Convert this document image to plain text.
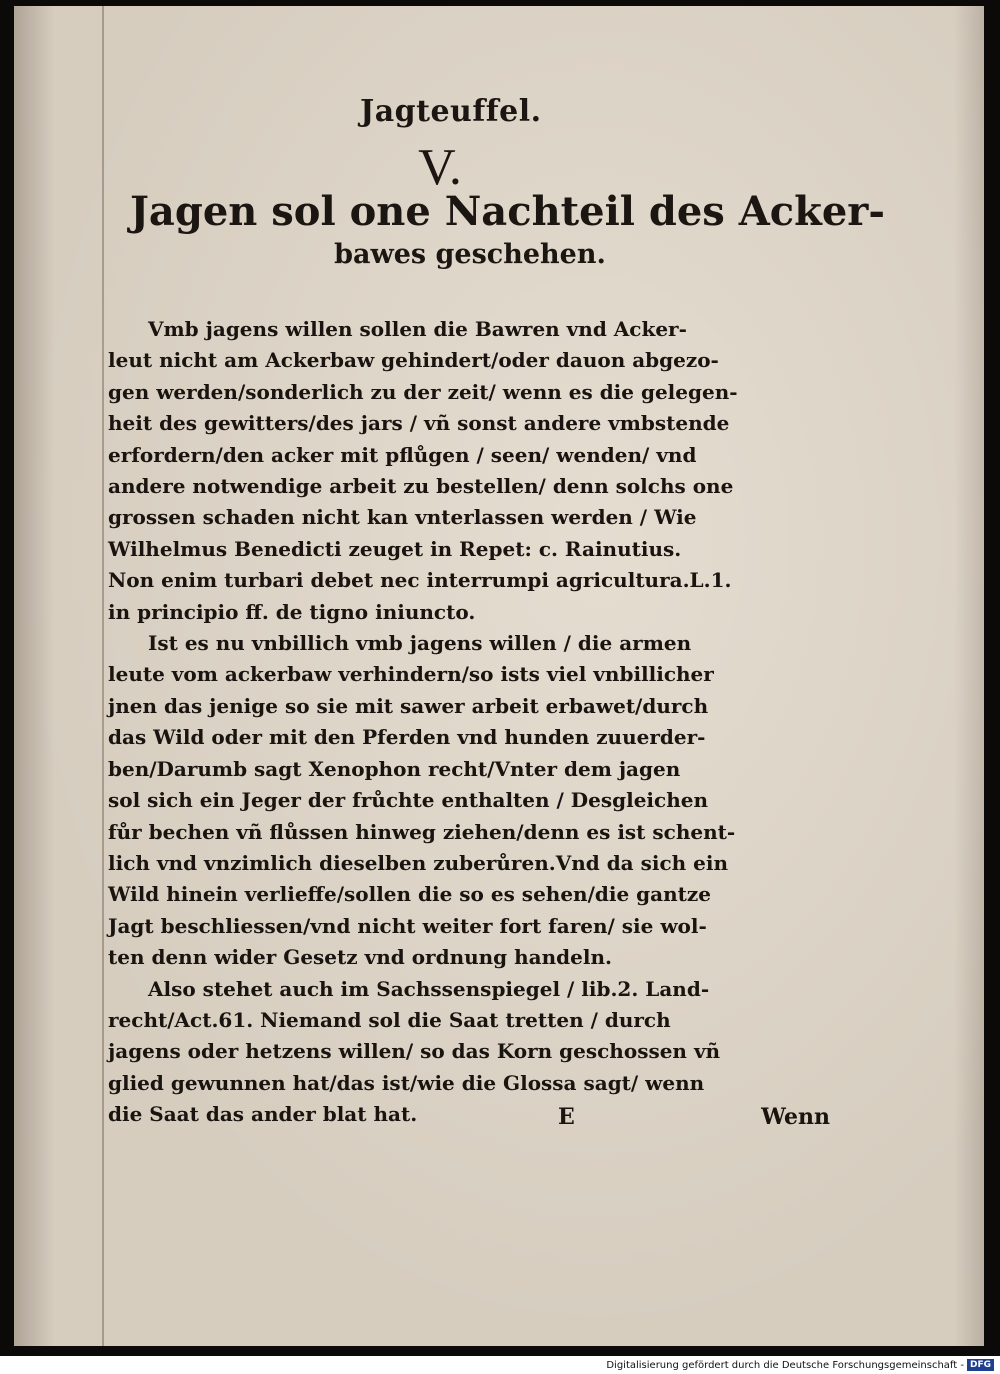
Jagteuffel.
V.
Jagen sol one Nachteil des Acker-
bawes geschehen.
Vmb jagens willen sollen die Bawren vnd Acker-
leut nicht am Ackerbaw gehindert/oder dauon abgezo-
gen werden/sonderlich zu der zeit/ wenn es die gelegen-
heit des gewitters/des jars / vñ sonst andere vmbstende
erfordern/den acker mit pflůgen / seen/ wenden/ vnd
andere notwendige arbeit zu bestellen/ denn solchs one
grossen schaden nicht kan vnterlassen werden / Wie
Wilhelmus Benedicti zeuget in Repet: c. Rainutius.
Non enim turbari debet nec interrumpi agricultura.L.1.
in principio ff. de tigno iniuncto.
Ist es nu vnbillich vmb jagens willen / die armen
leute vom ackerbaw verhindern/so ists viel vnbillicher
jnen das jenige so sie mit sawer arbeit erbawet/durch
das Wild oder mit den Pferden vnd hunden zuuerder-
ben/Darumb sagt Xenophon recht/Vnter dem jagen
sol sich ein Jeger der frůchte enthalten / Desgleichen
fůr bechen vñ flůssen hinweg ziehen/denn es ist schent-
lich vnd vnzimlich dieselben zuberůren.Vnd da sich ein
Wild hinein verlieffe/sollen die so es sehen/die gantze
Jagt beschliessen/vnd nicht weiter fort faren/ sie wol-
ten denn wider Gesetz vnd ordnung handeln.
Also stehet auch im Sachssenspiegel / lib.2. Land-
recht/Act.61. Niemand sol die Saat tretten / durch
jagens oder hetzens willen/ so das Korn geschossen vñ
glied gewunnen hat/das ist/wie die Glossa sagt/ wenn
die Saat das ander blat hat.	E	Wenn
Digitalisierung gefördert durch die Deutsche Forschungsgemeinschaft - DFG
